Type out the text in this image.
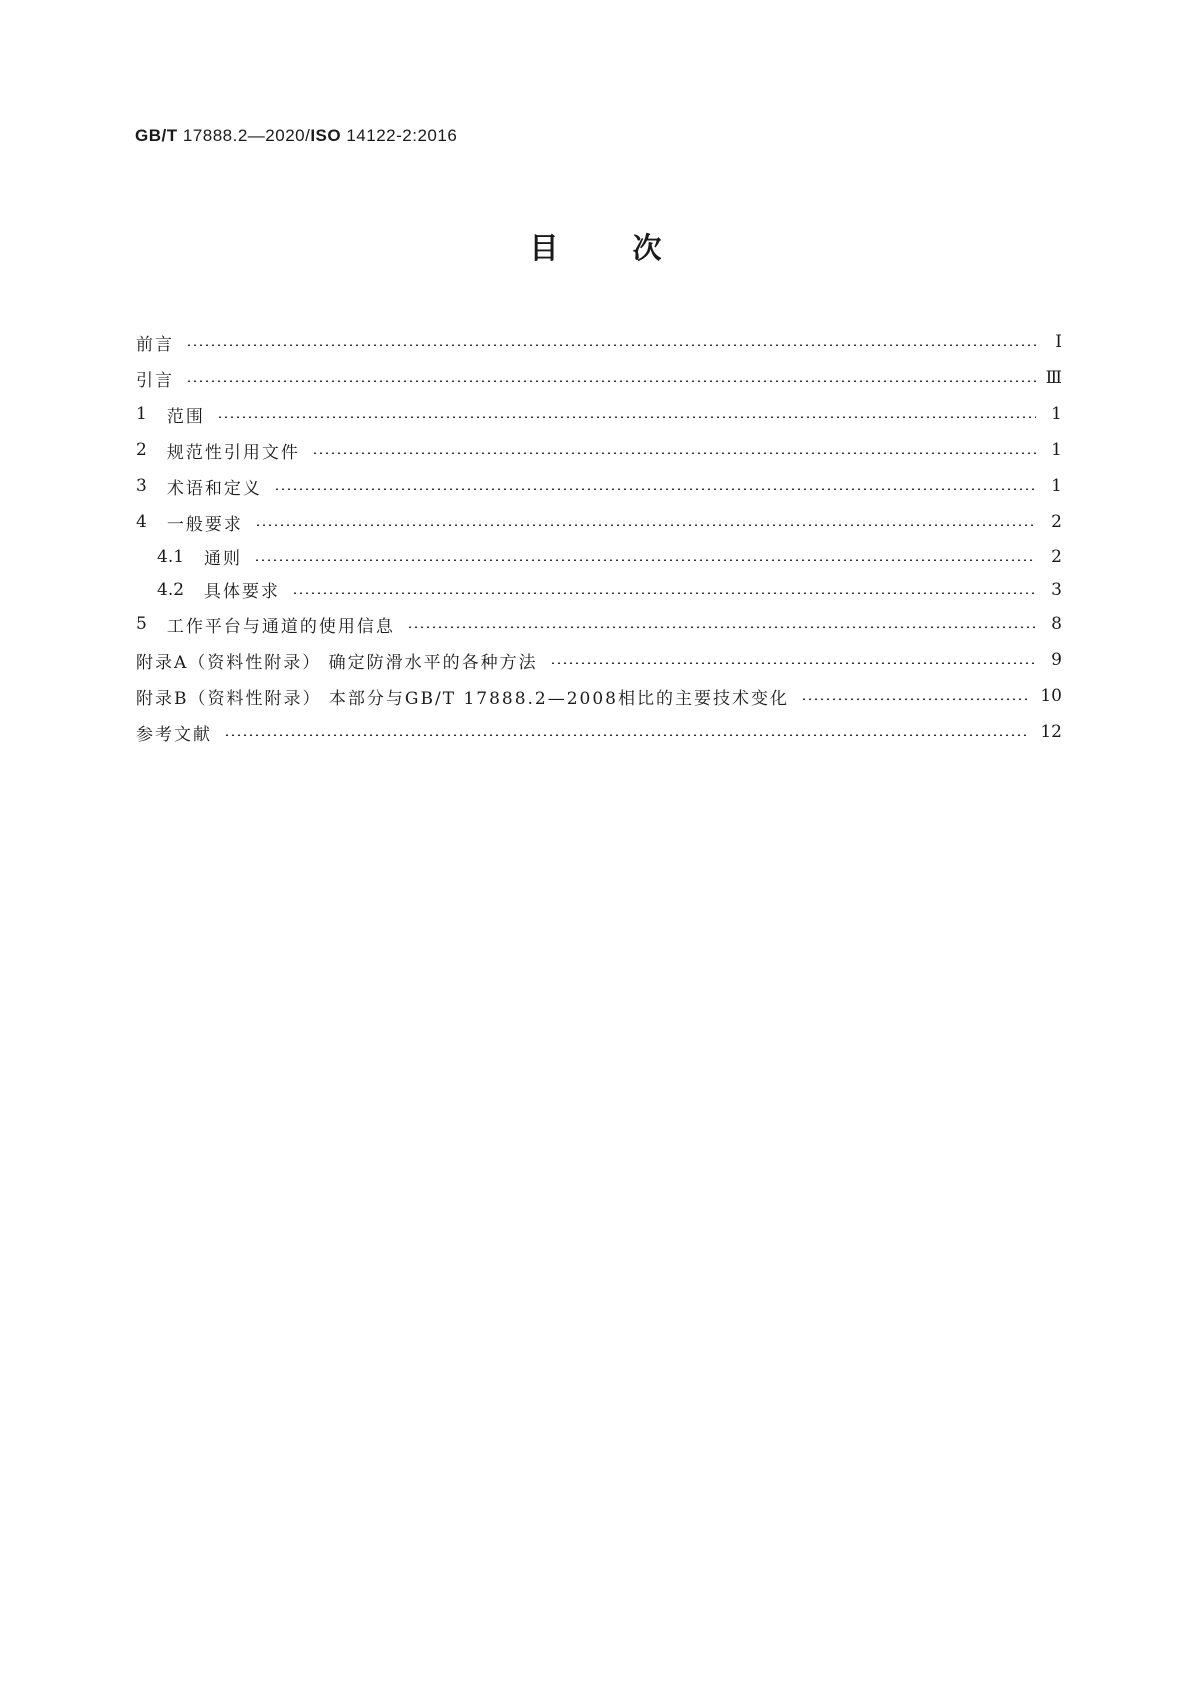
GB/T 17888.2—2020/ISO 14122-2:2016
目次
前言	Ⅰ
引言	Ⅲ
1 范围	1
2 规范性引用文件	1
3 术语和定义	1
4 一般要求	2
4.1 通则	2
4.2 具体要求	3
5 工作平台与通道的使用信息	8
附录A（资料性附录） 确定防滑水平的各种方法	9
附录B（资料性附录） 本部分与GB/T 17888.2—2008相比的主要技术变化	10
参考文献	12
